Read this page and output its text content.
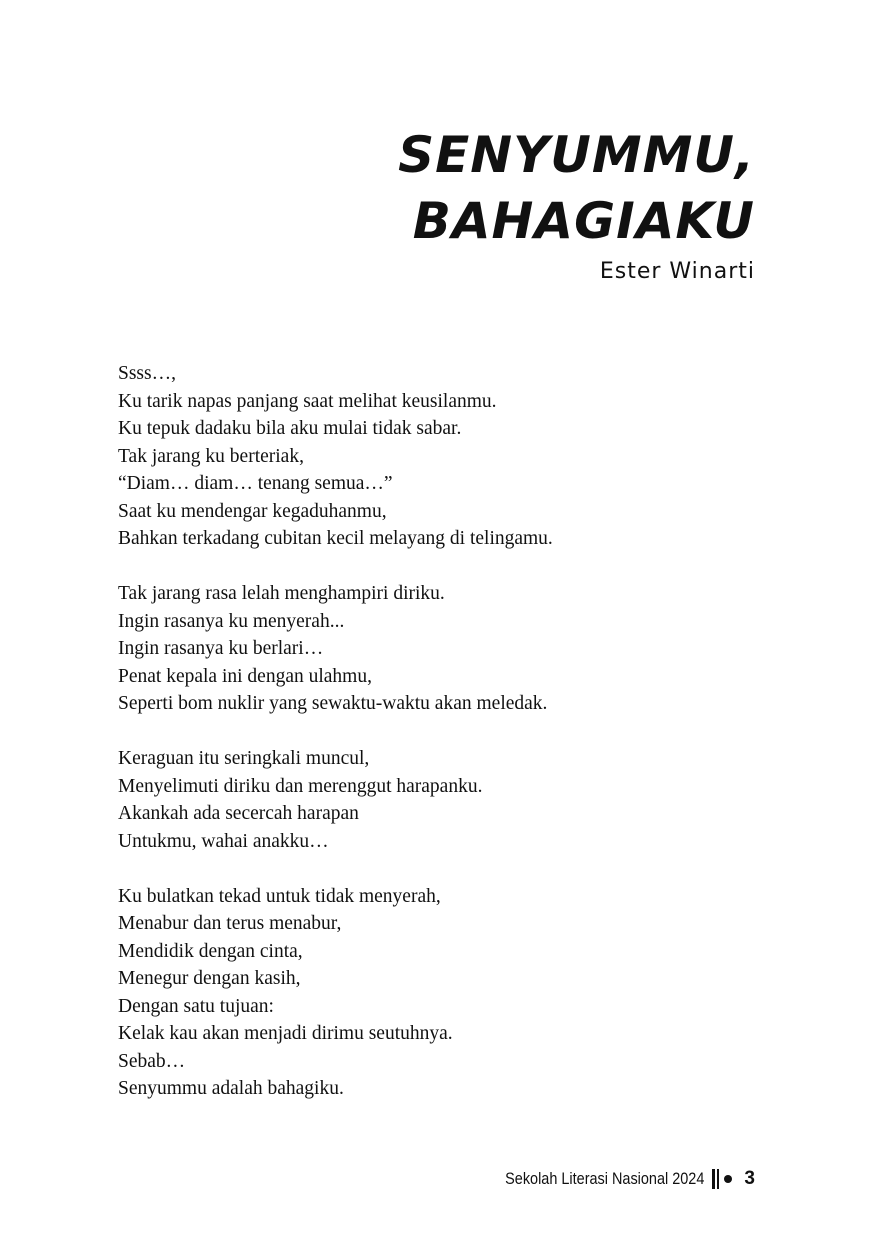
SENYUMMU,
BAHAGIAKU
Ester Winarti
Ssss…,
Ku tarik napas panjang saat melihat keusilanmu.
Ku tepuk dadaku bila aku mulai tidak sabar.
Tak jarang ku berteriak,
“Diam… diam… tenang semua…”
Saat ku mendengar kegaduhanmu,
Bahkan terkadang cubitan kecil melayang di telingamu.
Tak jarang rasa lelah menghampiri diriku.
Ingin rasanya ku menyerah...
Ingin rasanya ku berlari…
Penat kepala ini dengan ulahmu,
Seperti bom nuklir yang sewaktu-waktu akan meledak.
Keraguan itu seringkali muncul,
Menyelimuti diriku dan merenggut harapanku.
Akankah ada secercah harapan
Untukmu, wahai anakku…
Ku bulatkan tekad untuk tidak menyerah,
Menabur dan terus menabur,
Mendidik dengan cinta,
Menegur dengan kasih,
Dengan satu tujuan:
Kelak kau akan menjadi dirimu seutuhnya.
Sebab…
Senyummu adalah bahagiku.
Sekolah Literasi Nasional 2024 3
